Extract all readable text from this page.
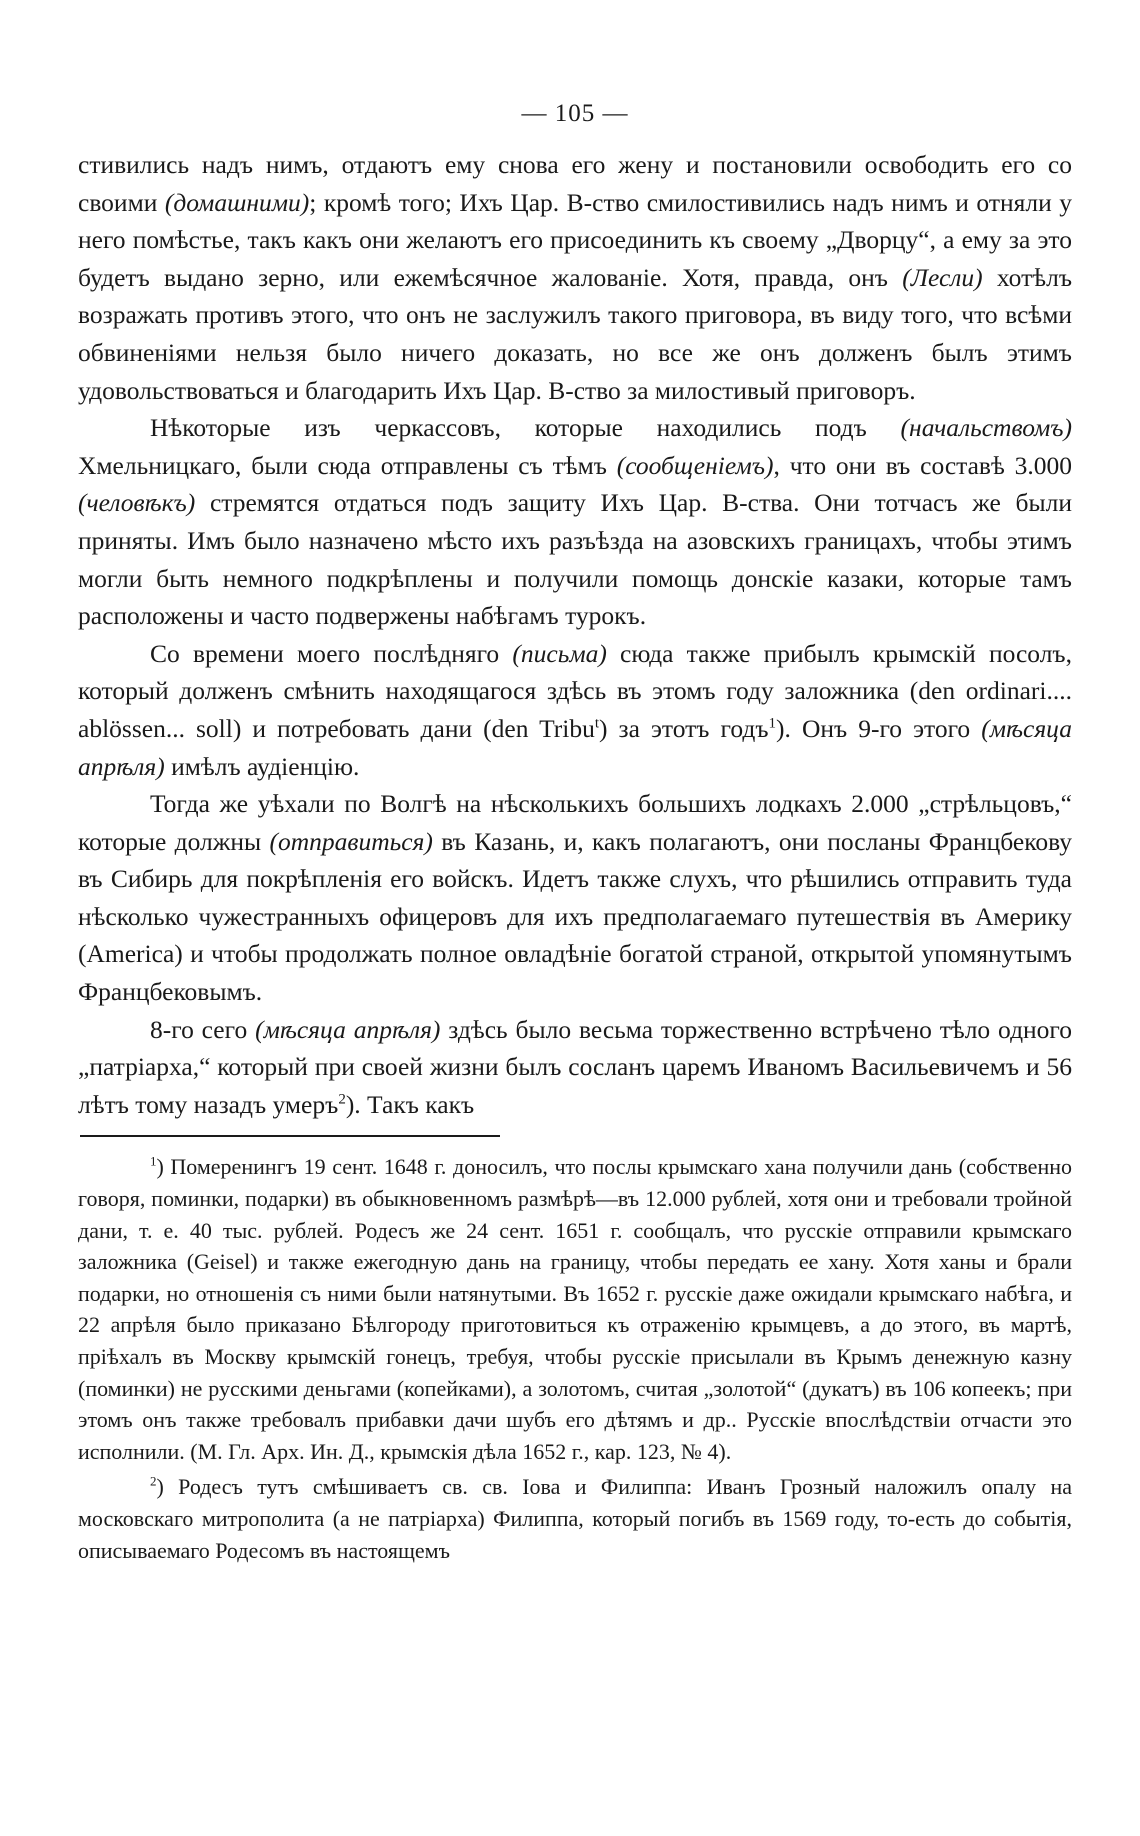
— 105 —

стивились надъ нимъ, отдаютъ ему снова его жену и постановили освободить его со своими (домашними); кромѣ того; Ихъ Цар. В-ство смилостивились надъ нимъ и отняли у него помѣстье, такъ какъ они желаютъ его присоединить къ своему „Дворцу“, а ему за это будетъ выдано зерно, или ежемѣсячное жалованіе. Хотя, правда, онъ (Лесли) хотѣлъ возражать противъ этого, что онъ не заслужилъ такого приговора, въ виду того, что всѣми обвиненіями нельзя было ничего доказать, но все же онъ долженъ былъ этимъ удовольствоваться и благодарить Ихъ Цар. В-ство за милостивый приговоръ.

Нѣкоторые изъ черкассовъ, которые находились подъ (начальствомъ) Хмельницкаго, были сюда отправлены съ тѣмъ (сообщеніемъ), что они въ составѣ 3.000 (человѣкъ) стремятся отдаться подъ защиту Ихъ Цар. В-ства. Они тотчасъ же были приняты. Имъ было назначено мѣсто ихъ разъѣзда на азовскихъ границахъ, чтобы этимъ могли быть немного подкрѣплены и получили помощь донскіе казаки, которые тамъ расположены и часто подвержены набѣгамъ турокъ.

Со времени моего послѣдняго (письма) сюда также прибылъ крымскій посолъ, который долженъ смѣнить находящагося здѣсь въ этомъ году заложника (den ordinari.... ablössen... soll) и потребовать дани (den Tribu$^t$) за этотъ годъ$^1$). Онъ 9-го этого (мѣсяца апрѣля) имѣлъ аудіенцію.

Тогда же уѣхали по Волгѣ на нѣсколькихъ большихъ лодкахъ 2.000 „стрѣльцовъ,“ которые должны (отправиться) въ Казань, и, какъ полагаютъ, они посланы Францбекову въ Сибирь для покрѣпленія его войскъ. Идетъ также слухъ, что рѣшились отправить туда нѣсколько чужестранныхъ офицеровъ для ихъ предполагаемаго путешествія въ Америку (America) и чтобы продолжать полное овладѣніе богатой страной, открытой упомянутымъ Францбековымъ.

8-го сего (мѣсяца апрѣля) здѣсь было весьма торжественно встрѣчено тѣло одного „патріарха,“ который при своей жизни былъ сосланъ царемъ Иваномъ Васильевичемъ и 56 лѣтъ тому назадъ умеръ$^2$). Такъ какъ

$^1$) Померенингъ 19 сент. 1648 г. доносилъ, что послы крымскаго хана получили дань (собственно говоря, поминки, подарки) въ обыкновенномъ размѣрѣ—въ 12.000 рублей, хотя они и требовали тройной дани, т. е. 40 тыс. рублей. Родесъ же 24 сент. 1651 г. сообщалъ, что русскіе отправили крымскаго заложника (Geisel) и также ежегодную дань на границу, чтобы передать ее хану. Хотя ханы и брали подарки, но отношенія съ ними были натянутыми. Въ 1652 г. русскіе даже ожидали крымскаго набѣга, и 22 апрѣля было приказано Бѣлгороду приготовиться къ отраженію крымцевъ, а до этого, въ мартѣ, пріѣхалъ въ Москву крымскій гонецъ, требуя, чтобы русскіе присылали въ Крымъ денежную казну (поминки) не русскими деньгами (копейками), а золотомъ, считая „золотой“ (дукатъ) въ 106 копеекъ; при этомъ онъ также требовалъ прибавки дачи шубъ его дѣтямъ и др.. Русскіе впослѣдствіи отчасти это исполнили. (М. Гл. Арх. Ин. Д., крымскія дѣла 1652 г., кар. 123, № 4).

$^2$) Родесъ тутъ смѣшиваетъ св. св. Іова и Филиппа: Иванъ Грозный наложилъ опалу на московскаго митрополита (а не патріарха) Филиппа, который погибъ въ 1569 году, то-есть до событія, описываемаго Родесомъ въ настоящемъ
